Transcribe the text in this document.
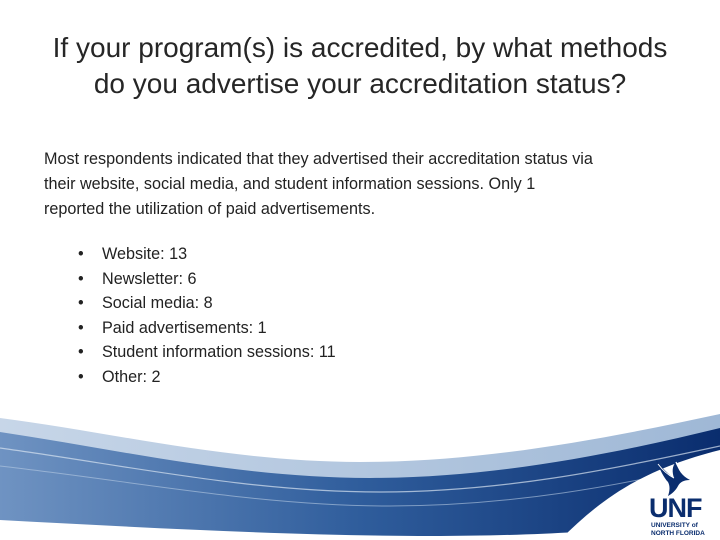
If your program(s) is accredited, by what methods
do you advertise your accreditation status?
Most respondents indicated that they advertised their accreditation status via
their website, social media, and student information sessions. Only 1
reported the utilization of paid advertisements.
• Website: 13
• Newsletter: 6
• Social media: 8
• Paid advertisements: 1
• Student information sessions: 11
• Other: 2
UNF
UNIVERSITY of
NORTH FLORIDA
